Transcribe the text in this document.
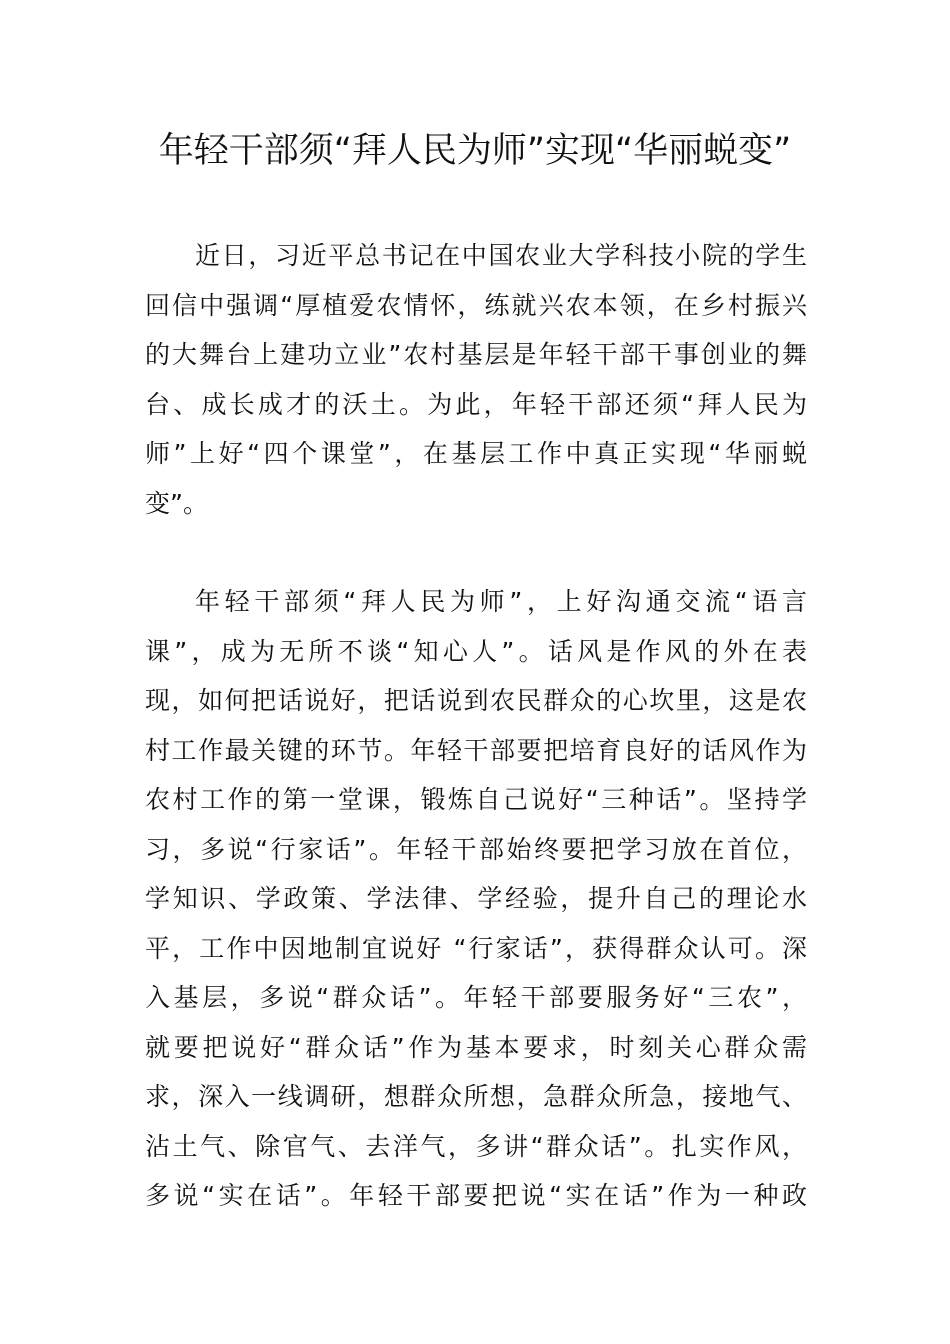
年轻干部须“拜人民为师”实现“华丽蜕变”
近日，习近平总书记在中国农业大学科技小院的学生
回信中强调“厚植爱农情怀，练就兴农本领，在乡村振兴
的大舞台上建功立业”农村基层是年轻干部干事创业的舞
台、成长成才的沃土。为此，年轻干部还须“拜人民为
师”上好“四个课堂”，在基层工作中真正实现“华丽蜕
变”。
年轻干部须“拜人民为师”，上好沟通交流“语言
课”，成为无所不谈“知心人”。话风是作风的外在表
现，如何把话说好，把话说到农民群众的心坎里，这是农
村工作最关键的环节。年轻干部要把培育良好的话风作为
农村工作的第一堂课，锻炼自己说好“三种话”。坚持学
习，多说“行家话”。年轻干部始终要把学习放在首位，
学知识、学政策、学法律、学经验，提升自己的理论水
平，工作中因地制宜说好 “行家话”，获得群众认可。深
入基层，多说“群众话”。年轻干部要服务好“三农”，
就要把说好“群众话”作为基本要求，时刻关心群众需
求，深入一线调研，想群众所想，急群众所急，接地气、
沾土气、除官气、去洋气，多讲“群众话”。扎实作风，
多说“实在话”。年轻干部要把说“实在话”作为一种政
